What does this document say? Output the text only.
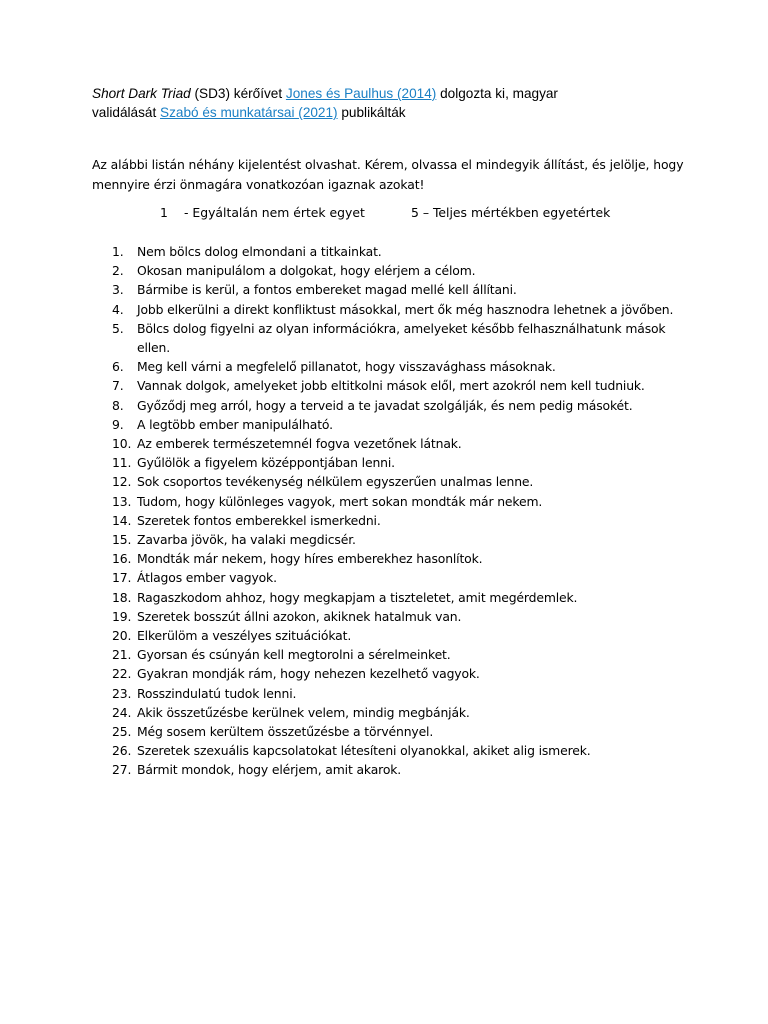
Short Dark Triad (SD3) kérőívet Jones és Paulhus (2014) dolgozta ki, magyar
validálását Szabó és munkatársai (2021) publikálták
Az alábbi listán néhány kijelentést olvashat. Kérem, olvassa el mindegyik állítást, és jelölje, hogy mennyire érzi önmagára vonatkozóan igaznak azokat!
1 - Egyáltalán nem értek egyet	5 – Teljes mértékben egyetértek
1.	Nem bölcs dolog elmondani a titkainkat.
2.	Okosan manipulálom a dolgokat, hogy elérjem a célom.
3.	Bármibe is kerül, a fontos embereket magad mellé kell állítani.
4.	Jobb elkerülni a direkt konfliktust másokkal, mert ők még hasznodra lehetnek a jövőben.
5.	Bölcs dolog figyelni az olyan információkra, amelyeket később felhasználhatunk mások ellen.
6.	Meg kell várni a megfelelő pillanatot, hogy visszavághass másoknak.
7.	Vannak dolgok, amelyeket jobb eltitkolni mások elől, mert azokról nem kell tudniuk.
8.	Győződj meg arról, hogy a terveid a te javadat szolgálják, és nem pedig másokét.
9.	A legtöbb ember manipulálható.
10. Az emberek természetemnél fogva vezetőnek látnak.
11. Gyűlölök a figyelem középpontjában lenni.
12. Sok csoportos tevékenység nélkülem egyszerűen unalmas lenne.
13. Tudom, hogy különleges vagyok, mert sokan mondták már nekem.
14. Szeretek fontos emberekkel ismerkedni.
15. Zavarba jövök, ha valaki megdicsér.
16. Mondták már nekem, hogy híres emberekhez hasonlítok.
17. Átlagos ember vagyok.
18. Ragaszkodom ahhoz, hogy megkapjam a tiszteletet, amit megérdemlek.
19. Szeretek bosszút állni azokon, akiknek hatalmuk van.
20. Elkerülöm a veszélyes szituációkat.
21. Gyorsan és csúnyán kell megtorolni a sérelmeinket.
22. Gyakran mondják rám, hogy nehezen kezelhető vagyok.
23. Rosszindulatú tudok lenni.
24. Akik összetűzésbe kerülnek velem, mindig megbánják.
25. Még sosem kerültem összetűzésbe a törvénnyel.
26. Szeretek szexuális kapcsolatokat létesíteni olyanokkal, akiket alig ismerek.
27. Bármit mondok, hogy elérjem, amit akarok.
